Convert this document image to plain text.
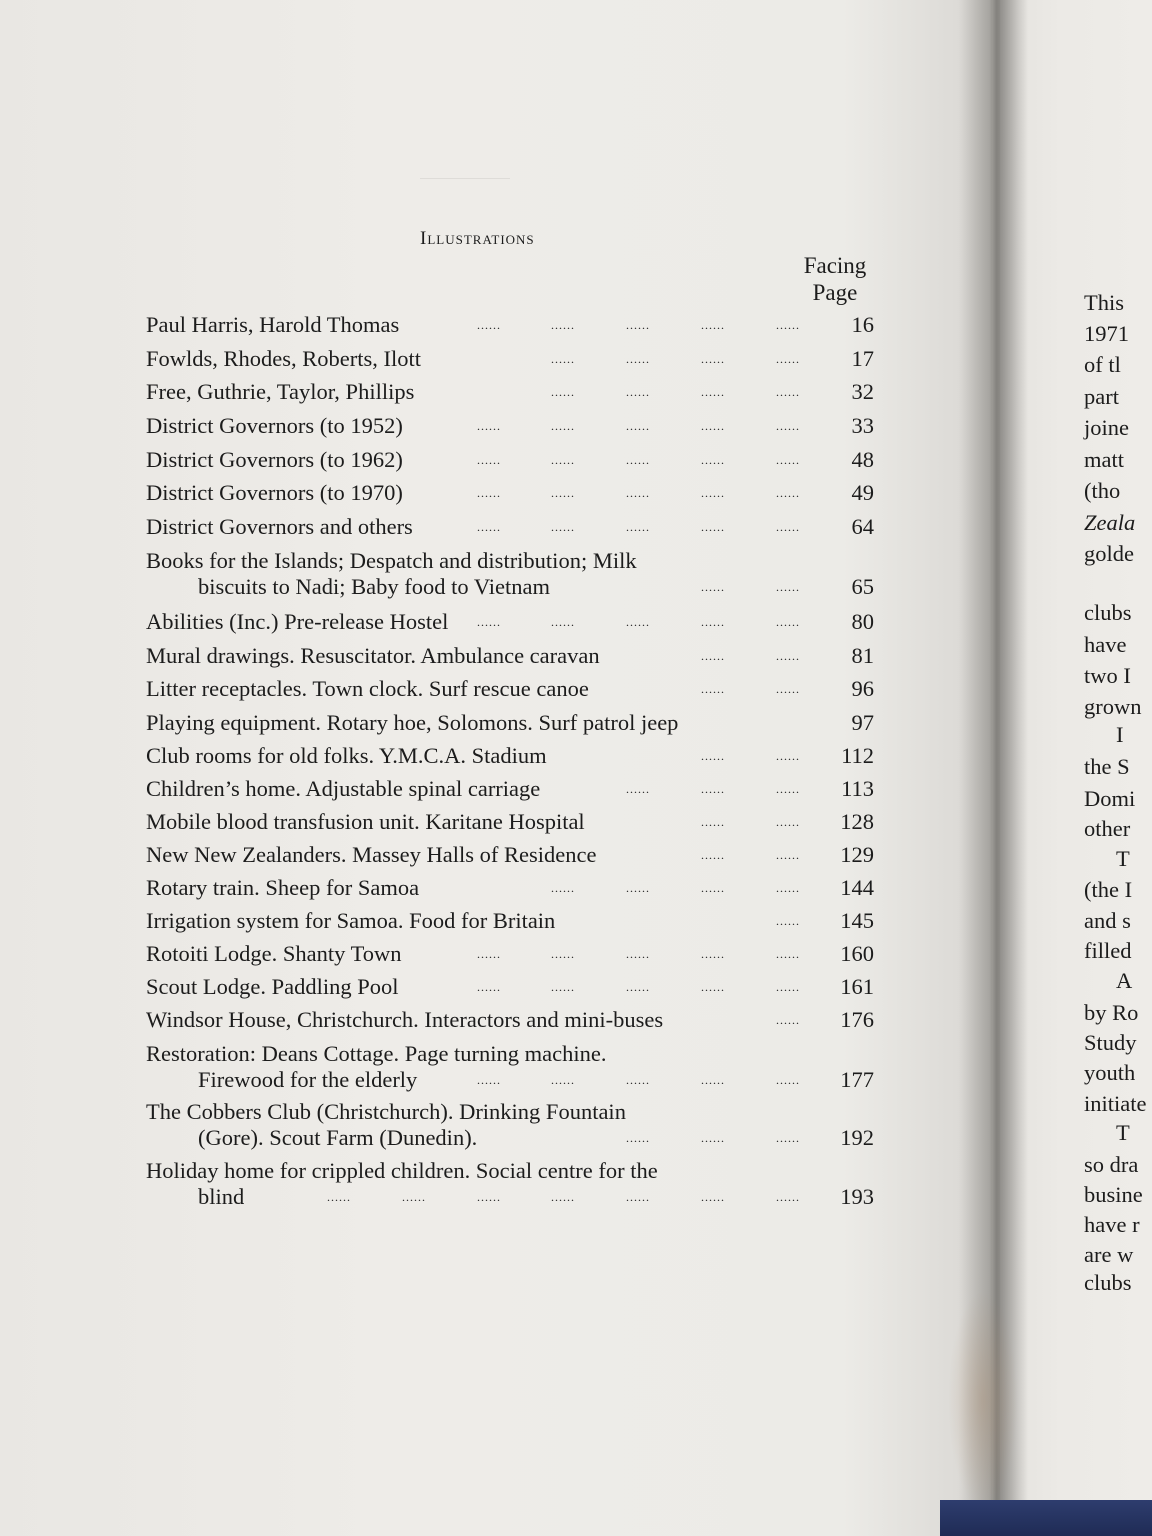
Illustrations
Facing
Page
Paul Harris, Harold Thomas	......	......	......	......	......	16
Fowlds, Rhodes, Roberts, Ilott	......	......	......	......	17
Free, Guthrie, Taylor, Phillips	......	......	......	......	32
District Governors (to 1952)	......	......	......	......	......	33
District Governors (to 1962)	......	......	......	......	......	48
District Governors (to 1970)	......	......	......	......	......	49
District Governors and others	......	......	......	......	......	64
Books for the Islands; Despatch and distribution; Milk
biscuits to Nadi; Baby food to Vietnam	......	......	65
Abilities (Inc.) Pre-release Hostel	......	......	......	......	......	80
Mural drawings. Resuscitator. Ambulance caravan	......	......	81
Litter receptacles. Town clock. Surf rescue canoe	......	......	96
Playing equipment. Rotary hoe, Solomons. Surf patrol jeep	97
Club rooms for old folks. Y.M.C.A. Stadium	......	......	112
Children’s home. Adjustable spinal carriage	......	......	......	113
Mobile blood transfusion unit. Karitane Hospital	......	......	128
New New Zealanders. Massey Halls of Residence	......	......	129
Rotary train. Sheep for Samoa	......	......	......	......	144
Irrigation system for Samoa. Food for Britain	......	145
Rotoiti Lodge. Shanty Town	......	......	......	......	......	160
Scout Lodge. Paddling Pool	......	......	......	......	......	161
Windsor House, Christchurch. Interactors and mini-buses	......	176
Restoration: Deans Cottage. Page turning machine.
Firewood for the elderly	......	......	......	......	......	177
The Cobbers Club (Christchurch). Drinking Fountain
(Gore). Scout Farm (Dunedin).	......	......	......	192
Holiday home for crippled children. Social centre for the
blind	......	......	......	......	......	......	......	193
This
1971
of tl
part
joine
matt
(tho
Zeala
golde
clubs
have
two I
grown
I
the S
Domi
other
T
(the I
and s
filled
A
by Ro
Study
youth
initiate
T
so dra
busine
have r
are w
clubs
